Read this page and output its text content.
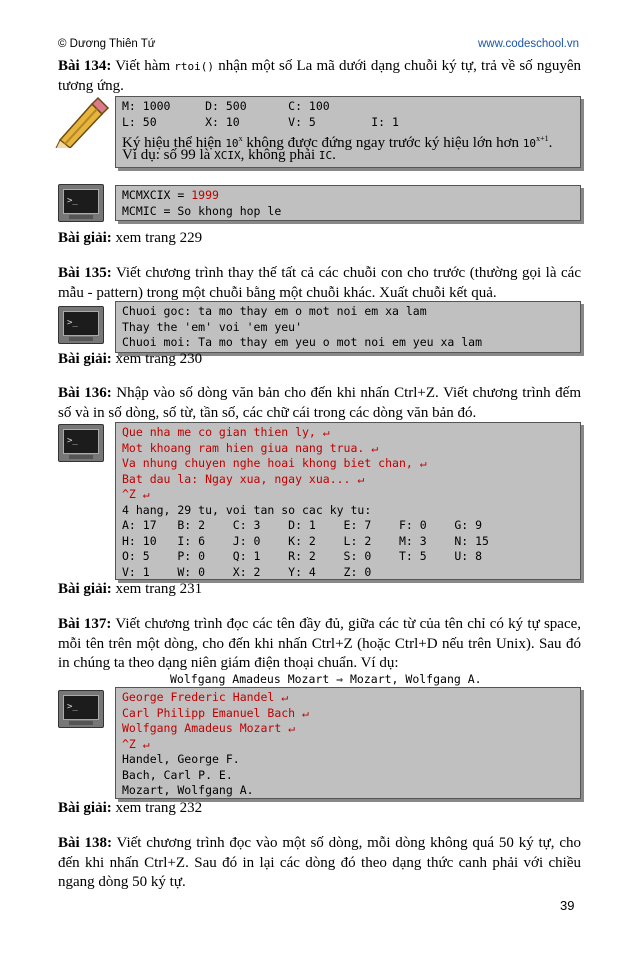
© Dương Thiên Tứ	www.codeschool.vn

Bài 134: Viết hàm rtoi() nhận một số La mã dưới dạng chuỗi ký tự, trả về số nguyên tương ứng.

M: 1000     D: 500      C: 100
L: 50       X: 10       V: 5        I: 1
Ký hiệu thể hiện 10$^x$ không được đứng ngay trước ký hiệu lớn hơn $10^{x+1}$.
Ví dụ: số 99 là XCIX, không phải IC.
>_	MCMXCIX = 1999
MCMIC = So khong hop le

Bài giải: xem trang 229

Bài 135: Viết chương trình thay thế tất cả các chuỗi con cho trước (thường gọi là các mẫu - pattern) trong một chuỗi bằng một chuỗi khác. Xuất chuỗi kết quả.

>_
Chuoi goc: ta mo thay em o mot noi em xa lam
Thay the 'em' voi 'em yeu'
Chuoi moi: Ta mo thay em yeu o mot noi em yeu xa lam

Bài giải: xem trang 230

Bài 136: Nhập vào số dòng văn bản cho đến khi nhấn Ctrl+Z. Viết chương trình đếm số và in số dòng, số từ, tần số, các chữ cái trong các dòng văn bản đó.

>_
Que nha me co gian thien ly, ↵
Mot khoang ram hien giua nang trua. ↵
Va nhung chuyen nghe hoai khong biet chan, ↵
Bat dau la: Ngay xua, ngay xua... ↵
^Z ↵
4 hang, 29 tu, voi tan so cac ky tu:
A: 17   B: 2    C: 3    D: 1    E: 7    F: 0    G: 9
H: 10   I: 6    J: 0    K: 2    L: 2    M: 3    N: 15
O: 5    P: 0    Q: 1    R: 2    S: 0    T: 5    U: 8
V: 1    W: 0    X: 2    Y: 4    Z: 0

Bài giải: xem trang 231

Bài 137: Viết chương trình đọc các tên đầy đủ, giữa các từ của tên chỉ có ký tự space, mỗi tên trên một dòng, cho đến khi nhấn Ctrl+Z (hoặc Ctrl+D nếu trên Unix). Sau đó in chúng ta theo dạng niên giám điện thoại chuẩn. Ví dụ:

Wolfgang Amadeus Mozart ⇒ Mozart, Wolfgang A.
>_
George Frederic Handel ↵
Carl Philipp Emanuel Bach ↵
Wolfgang Amadeus Mozart ↵
^Z ↵
Handel, George F.
Bach, Carl P. E.
Mozart, Wolfgang A.

Bài giải: xem trang 232

Bài 138: Viết chương trình đọc vào một số dòng, mỗi dòng không quá 50 ký tự, cho đến khi nhấn Ctrl+Z. Sau đó in lại các dòng đó theo dạng thức canh phải với chiều ngang dòng 50 ký tự.

39
